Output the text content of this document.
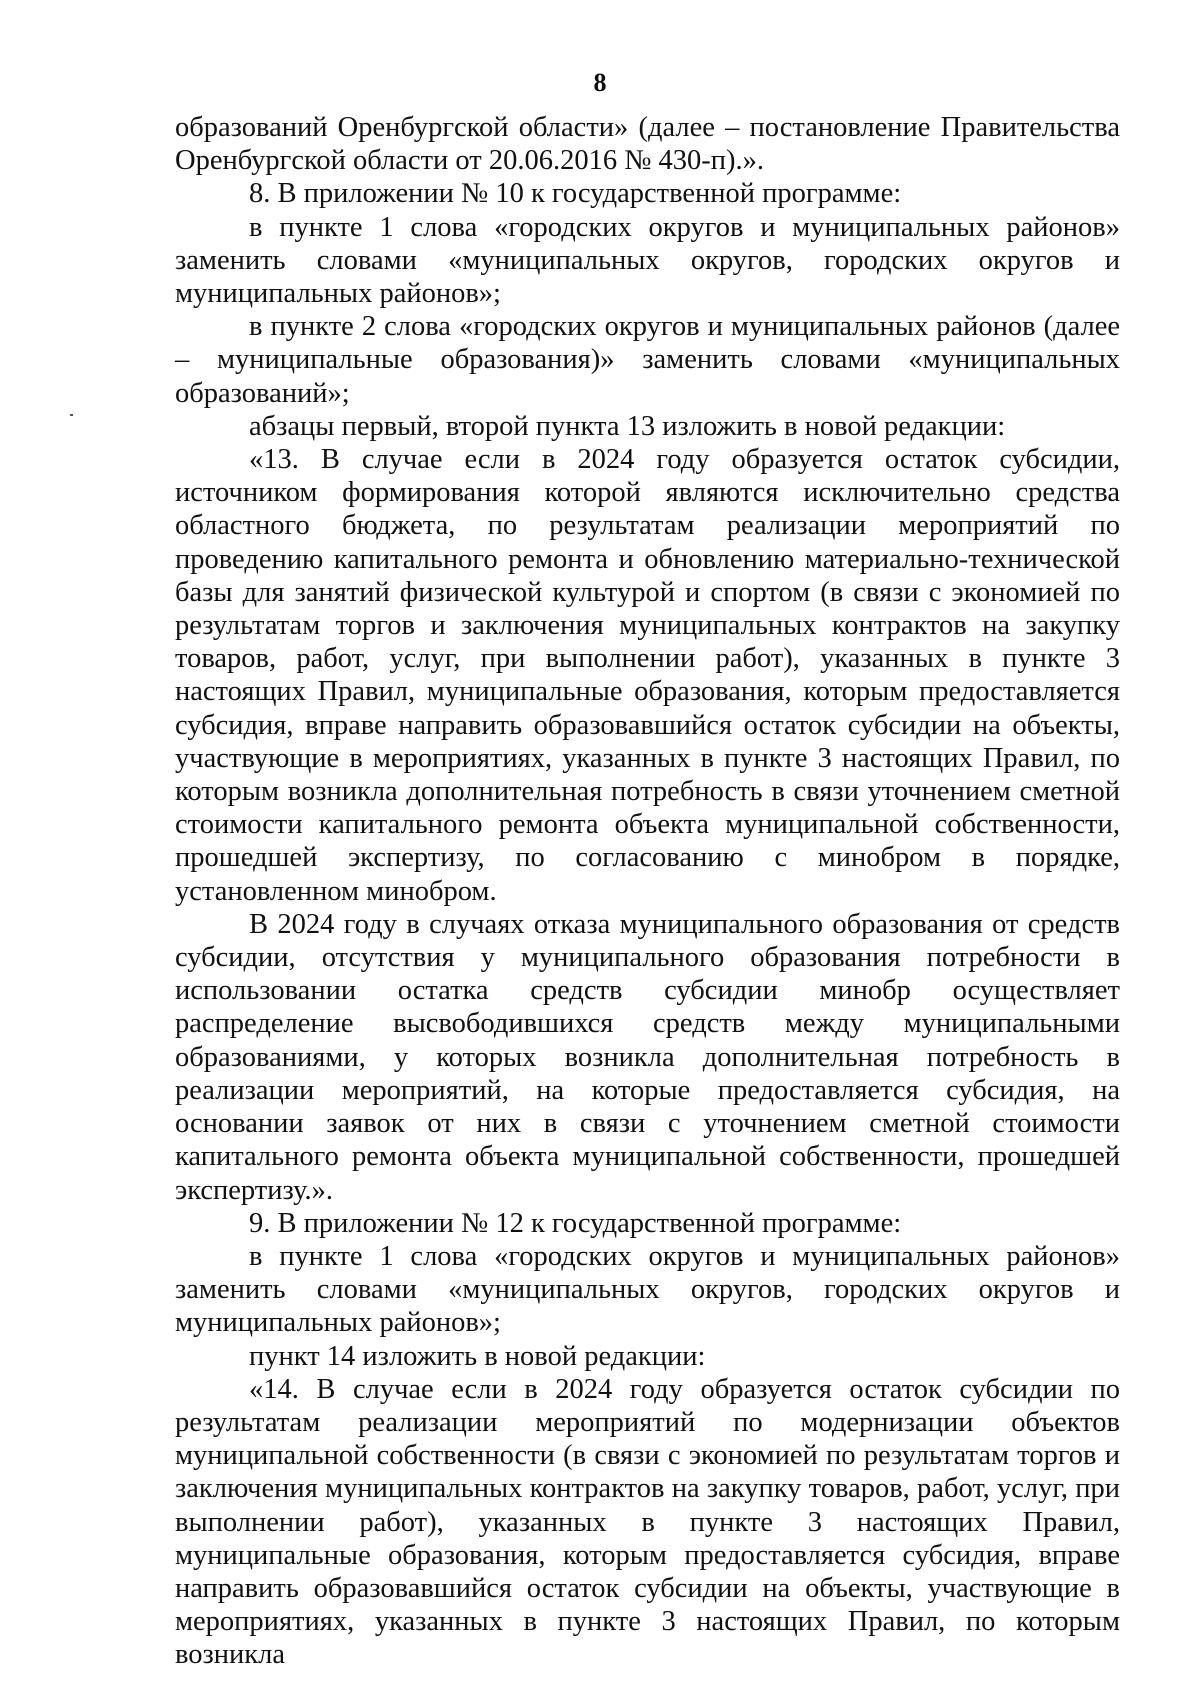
8

образований Оренбургской области» (далее – постановление Правительства Оренбургской области от 20.06.2016 № 430-п).».

8. В приложении № 10 к государственной программе:

в пункте 1 слова «городских округов и муниципальных районов» заменить словами «муниципальных округов, городских округов и муниципальных районов»;

в пункте 2 слова «городских округов и муниципальных районов (далее – муниципальные образования)» заменить словами «муниципальных образований»;

абзацы первый, второй пункта 13 изложить в новой редакции:

«13. В случае если в 2024 году образуется остаток субсидии, источником формирования которой являются исключительно средства областного бюджета, по результатам реализации мероприятий по проведению капитального ремонта и обновлению материально-технической базы для занятий физической культурой и спортом (в связи с экономией по результатам торгов и заключения муниципальных контрактов на закупку товаров, работ, услуг, при выполнении работ), указанных в пункте 3 настоящих Правил, муниципальные образования, которым предоставляется субсидия, вправе направить образовавшийся остаток субсидии на объекты, участвующие в мероприятиях, указанных в пункте 3 настоящих Правил, по которым возникла дополнительная потребность в связи уточнением сметной стоимости капитального ремонта объекта муниципальной собственности, прошедшей экспертизу, по согласованию с минобром в порядке, установленном минобром.

В 2024 году в случаях отказа муниципального образования от средств субсидии, отсутствия у муниципального образования потребности в использовании остатка средств субсидии минобр осуществляет распределение высвободившихся средств между муниципальными образованиями, у которых возникла дополнительная потребность в реализации мероприятий, на которые предоставляется субсидия, на основании заявок от них в связи с уточнением сметной стоимости капитального ремонта объекта муниципальной собственности, прошедшей экспертизу.».

9. В приложении № 12 к государственной программе:

в пункте 1 слова «городских округов и муниципальных районов» заменить словами «муниципальных округов, городских округов и муниципальных районов»;

пункт 14 изложить в новой редакции:

«14. В случае если в 2024 году образуется остаток субсидии по результатам реализации мероприятий по модернизации объектов муниципальной собственности (в связи с экономией по результатам торгов и заключения муниципальных контрактов на закупку товаров, работ, услуг, при выполнении работ), указанных в пункте 3 настоящих Правил, муниципальные образования, которым предоставляется субсидия, вправе направить образовавшийся остаток субсидии на объекты, участвующие в мероприятиях, указанных в пункте 3 настоящих Правил, по которым возникла
